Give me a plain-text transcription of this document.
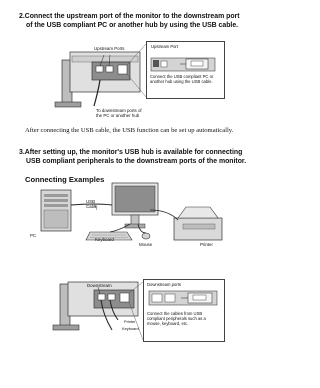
2.Connect the upstream port of the monitor to the downstream port
of the USB compliant PC or another hub by using the USB cable.
Upstream Ports
To downstream ports of
the PC or another hub
Upstream Port
Connect the USB compliant PC or
another hub using the USB cable.
After connecting the USB cable, the USB function can be set up automatically.
3.After setting up, the monitor's USB hub is available for connecting
USB compliant peripherals to the downstream ports of the monitor.
Connecting Examples
USB
Cable
PC
Keyboard
Mouse	Printer
Downstream
Printer
Keyboard
Downstream ports
Connect the cables from USB
compliant peripherals such as a
mouse, keyboard, etc.
